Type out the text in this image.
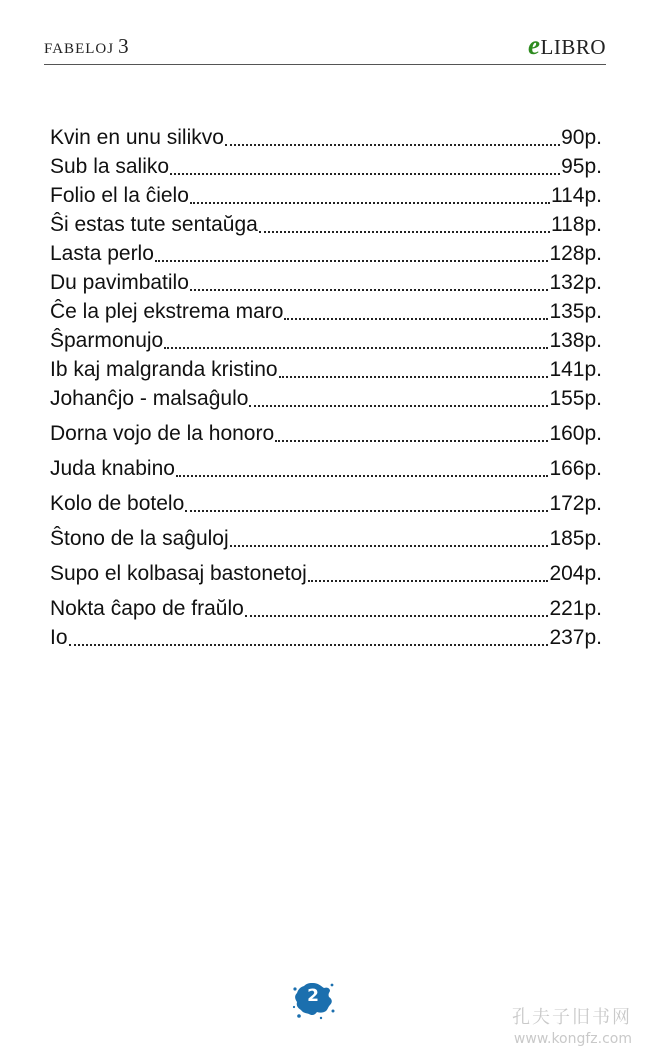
FABELOJ 3	eLIBRO
Kvin en unu silikvo	90p.
Sub la saliko	95p.
Folio el la ĉielo	114p.
Ŝi estas tute sentaŭga	118p.
Lasta perlo	128p.
Du pavimbatilo	132p.
Ĉe la plej ekstrema maro	135p.
Ŝparmonujo	138p.
Ib kaj malgranda kristino	141p.
Johanĉjo - malsaĝulo	155p.
Dorna vojo de la honoro	160p.
Juda knabino	166p.
Kolo de botelo	172p.
Ŝtono de la saĝuloj	185p.
Supo el kolbasaj bastonetoj	204p.
Nokta ĉapo de fraŭlo	221p.
Io	237p.
2
孔夫子旧书网
www.kongfz.com
